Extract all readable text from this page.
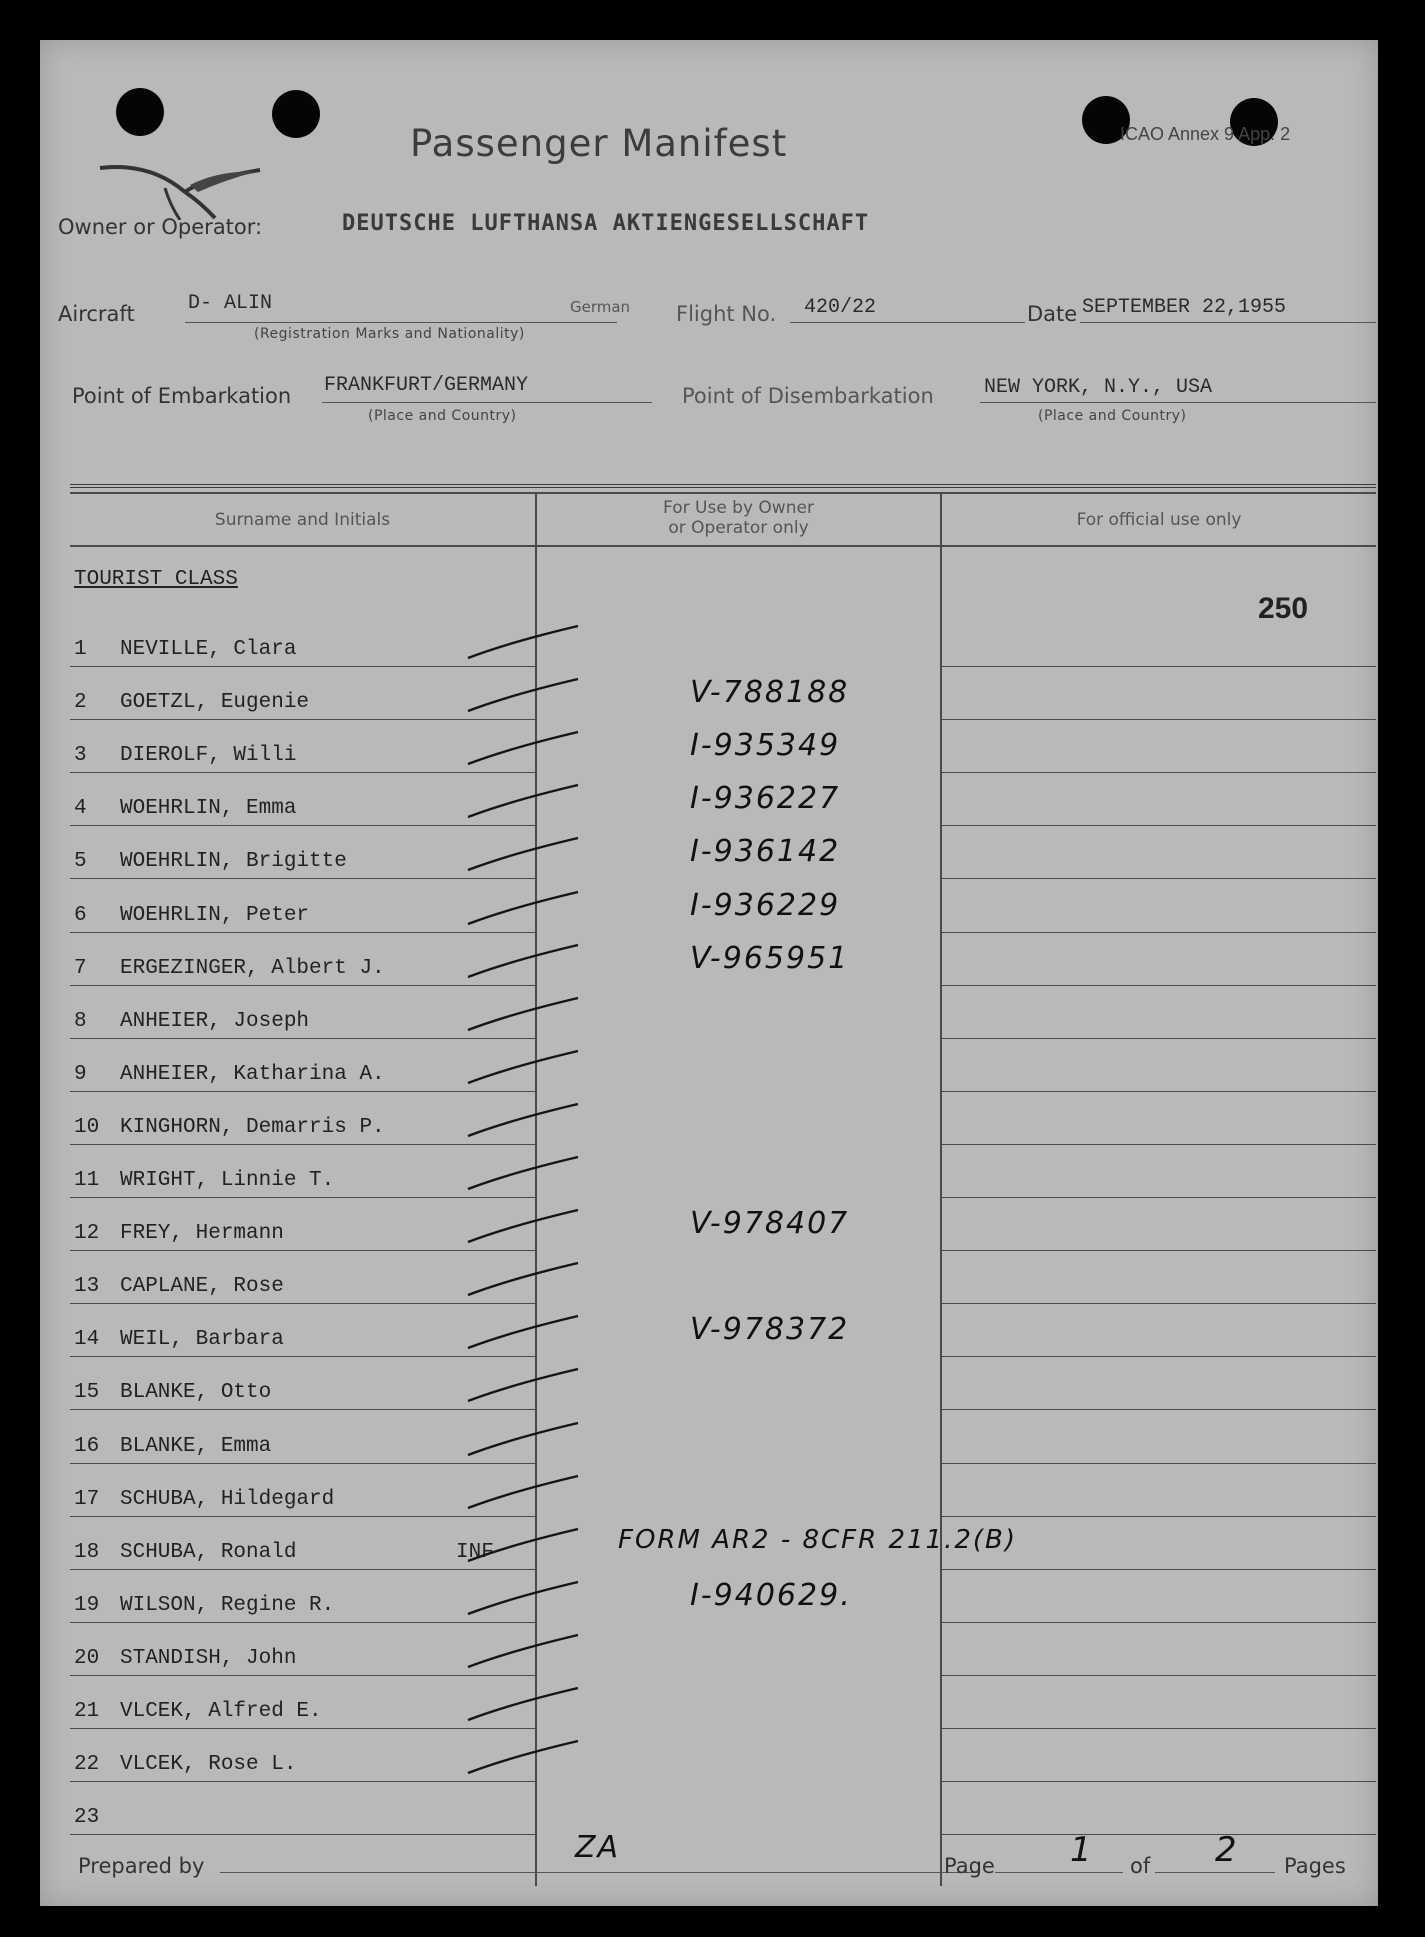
Passenger Manifest	ICAO Annex 9 App. 2
Owner or Operator:	DEUTSCHE LUFTHANSA AKTIENGESELLSCHAFT
Aircraft	D- ALIN	German
(Registration Marks and Nationality)
Flight No. 420/22	Date SEPTEMBER 22,1955
Point of Embarkation FRANKFURT/GERMANY
(Place and Country)
Point of Disembarkation	NEW YORK, N.Y., USA
(Place and Country)
Surname and Initials
For Use by Owner
or Operator only	For official use only
TOURIST CLASS
250
1 NEVILLE, Clara
2 GOETZL, Eugenie	V-788188
3 DIEROLF, Willi	I-935349
4 WOEHRLIN, Emma	I-936227
5 WOEHRLIN, Brigitte	I-936142
6 WOEHRLIN, Peter	I-936229
7 ERGEZINGER, Albert J.	V-965951
8 ANHEIER, Joseph
9 ANHEIER, Katharina A.
10 KINGHORN, Demarris P.
11 WRIGHT, Linnie T.
12 FREY, Hermann	V-978407
13 CAPLANE, Rose
14 WEIL, Barbara	V-978372
15 BLANKE, Otto
16 BLANKE, Emma
17 SCHUBA, Hildegard
18 SCHUBA, Ronald	INF	FORM AR2 - 8CFR 211.2(B)
19 WILSON, Regine R.	I-940629.
20 STANDISH, John
21 VLCEK, Alfred E.
22 VLCEK, Rose L.
23
Prepared by
ZA
Page 1 of 2 Pages
